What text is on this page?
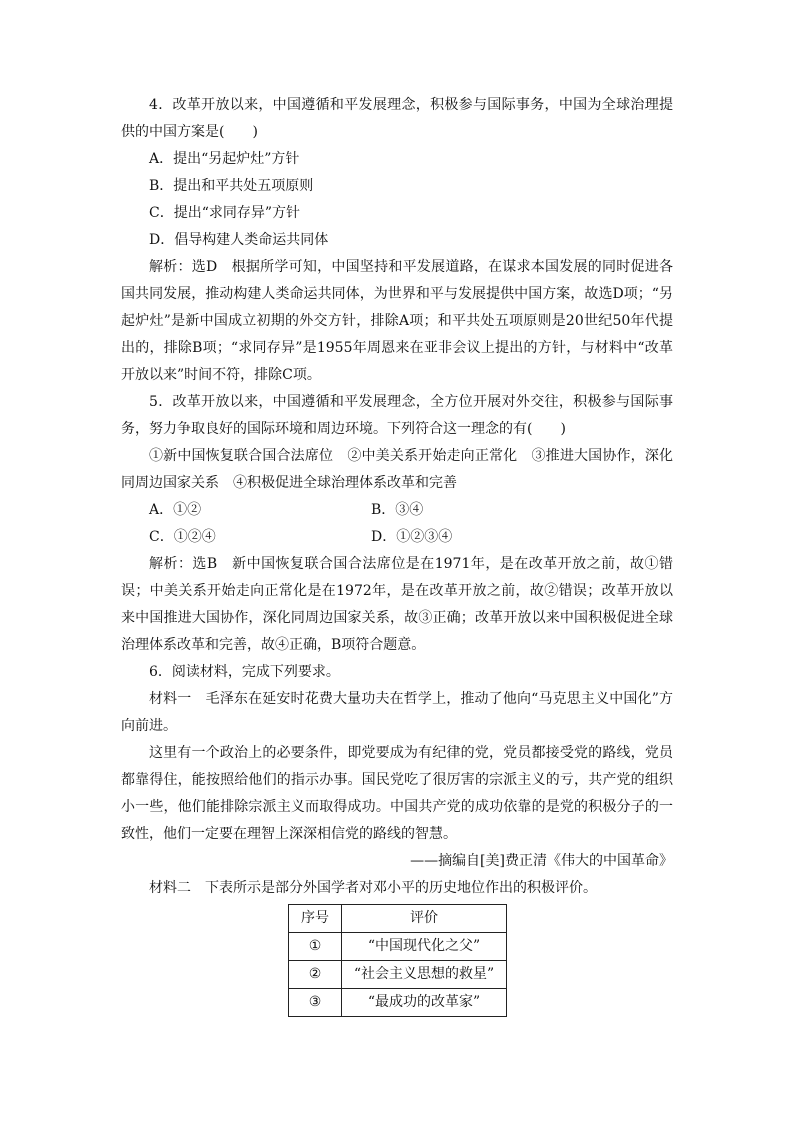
4．改革开放以来，中国遵循和平发展理念，积极参与国际事务，中国为全球治理提供的中国方案是(　　)

A．提出“另起炉灶”方针

B．提出和平共处五项原则

C．提出“求同存异”方针

D．倡导构建人类命运共同体

解析：选D　根据所学可知，中国坚持和平发展道路，在谋求本国发展的同时促进各国共同发展，推动构建人类命运共同体，为世界和平与发展提供中国方案，故选D项；“另起炉灶”是新中国成立初期的外交方针，排除A项；和平共处五项原则是20世纪50年代提出的，排除B项；“求同存异”是1955年周恩来在亚非会议上提出的方针，与材料中“改革开放以来”时间不符，排除C项。

5．改革开放以来，中国遵循和平发展理念，全方位开展对外交往，积极参与国际事务，努力争取良好的国际环境和周边环境。下列符合这一理念的有(　　)

①新中国恢复联合国合法席位　②中美关系开始走向正常化　③推进大国协作，深化同周边国家关系　④积极促进全球治理体系改革和完善

A．①②	B．③④
C．①②④	D．①②③④

解析：选B　新中国恢复联合国合法席位是在1971年，是在改革开放之前，故①错误；中美关系开始走向正常化是在1972年，是在改革开放之前，故②错误；改革开放以来中国推进大国协作，深化同周边国家关系，故③正确；改革开放以来中国积极促进全球治理体系改革和完善，故④正确，B项符合题意。

6．阅读材料，完成下列要求。

材料一　毛泽东在延安时花费大量功夫在哲学上，推动了他向“马克思主义中国化”方向前进。

这里有一个政治上的必要条件，即党要成为有纪律的党，党员都接受党的路线，党员都靠得住，能按照给他们的指示办事。国民党吃了很厉害的宗派主义的亏，共产党的组织小一些，他们能排除宗派主义而取得成功。中国共产党的成功依靠的是党的积极分子的一致性，他们一定要在理智上深深相信党的路线的智慧。

——摘编自[美]费正清《伟大的中国革命》

材料二　下表所示是部分外国学者对邓小平的历史地位作出的积极评价。

序号	评价
①	“中国现代化之父”
②	“社会主义思想的救星”
③	“最成功的改革家”
